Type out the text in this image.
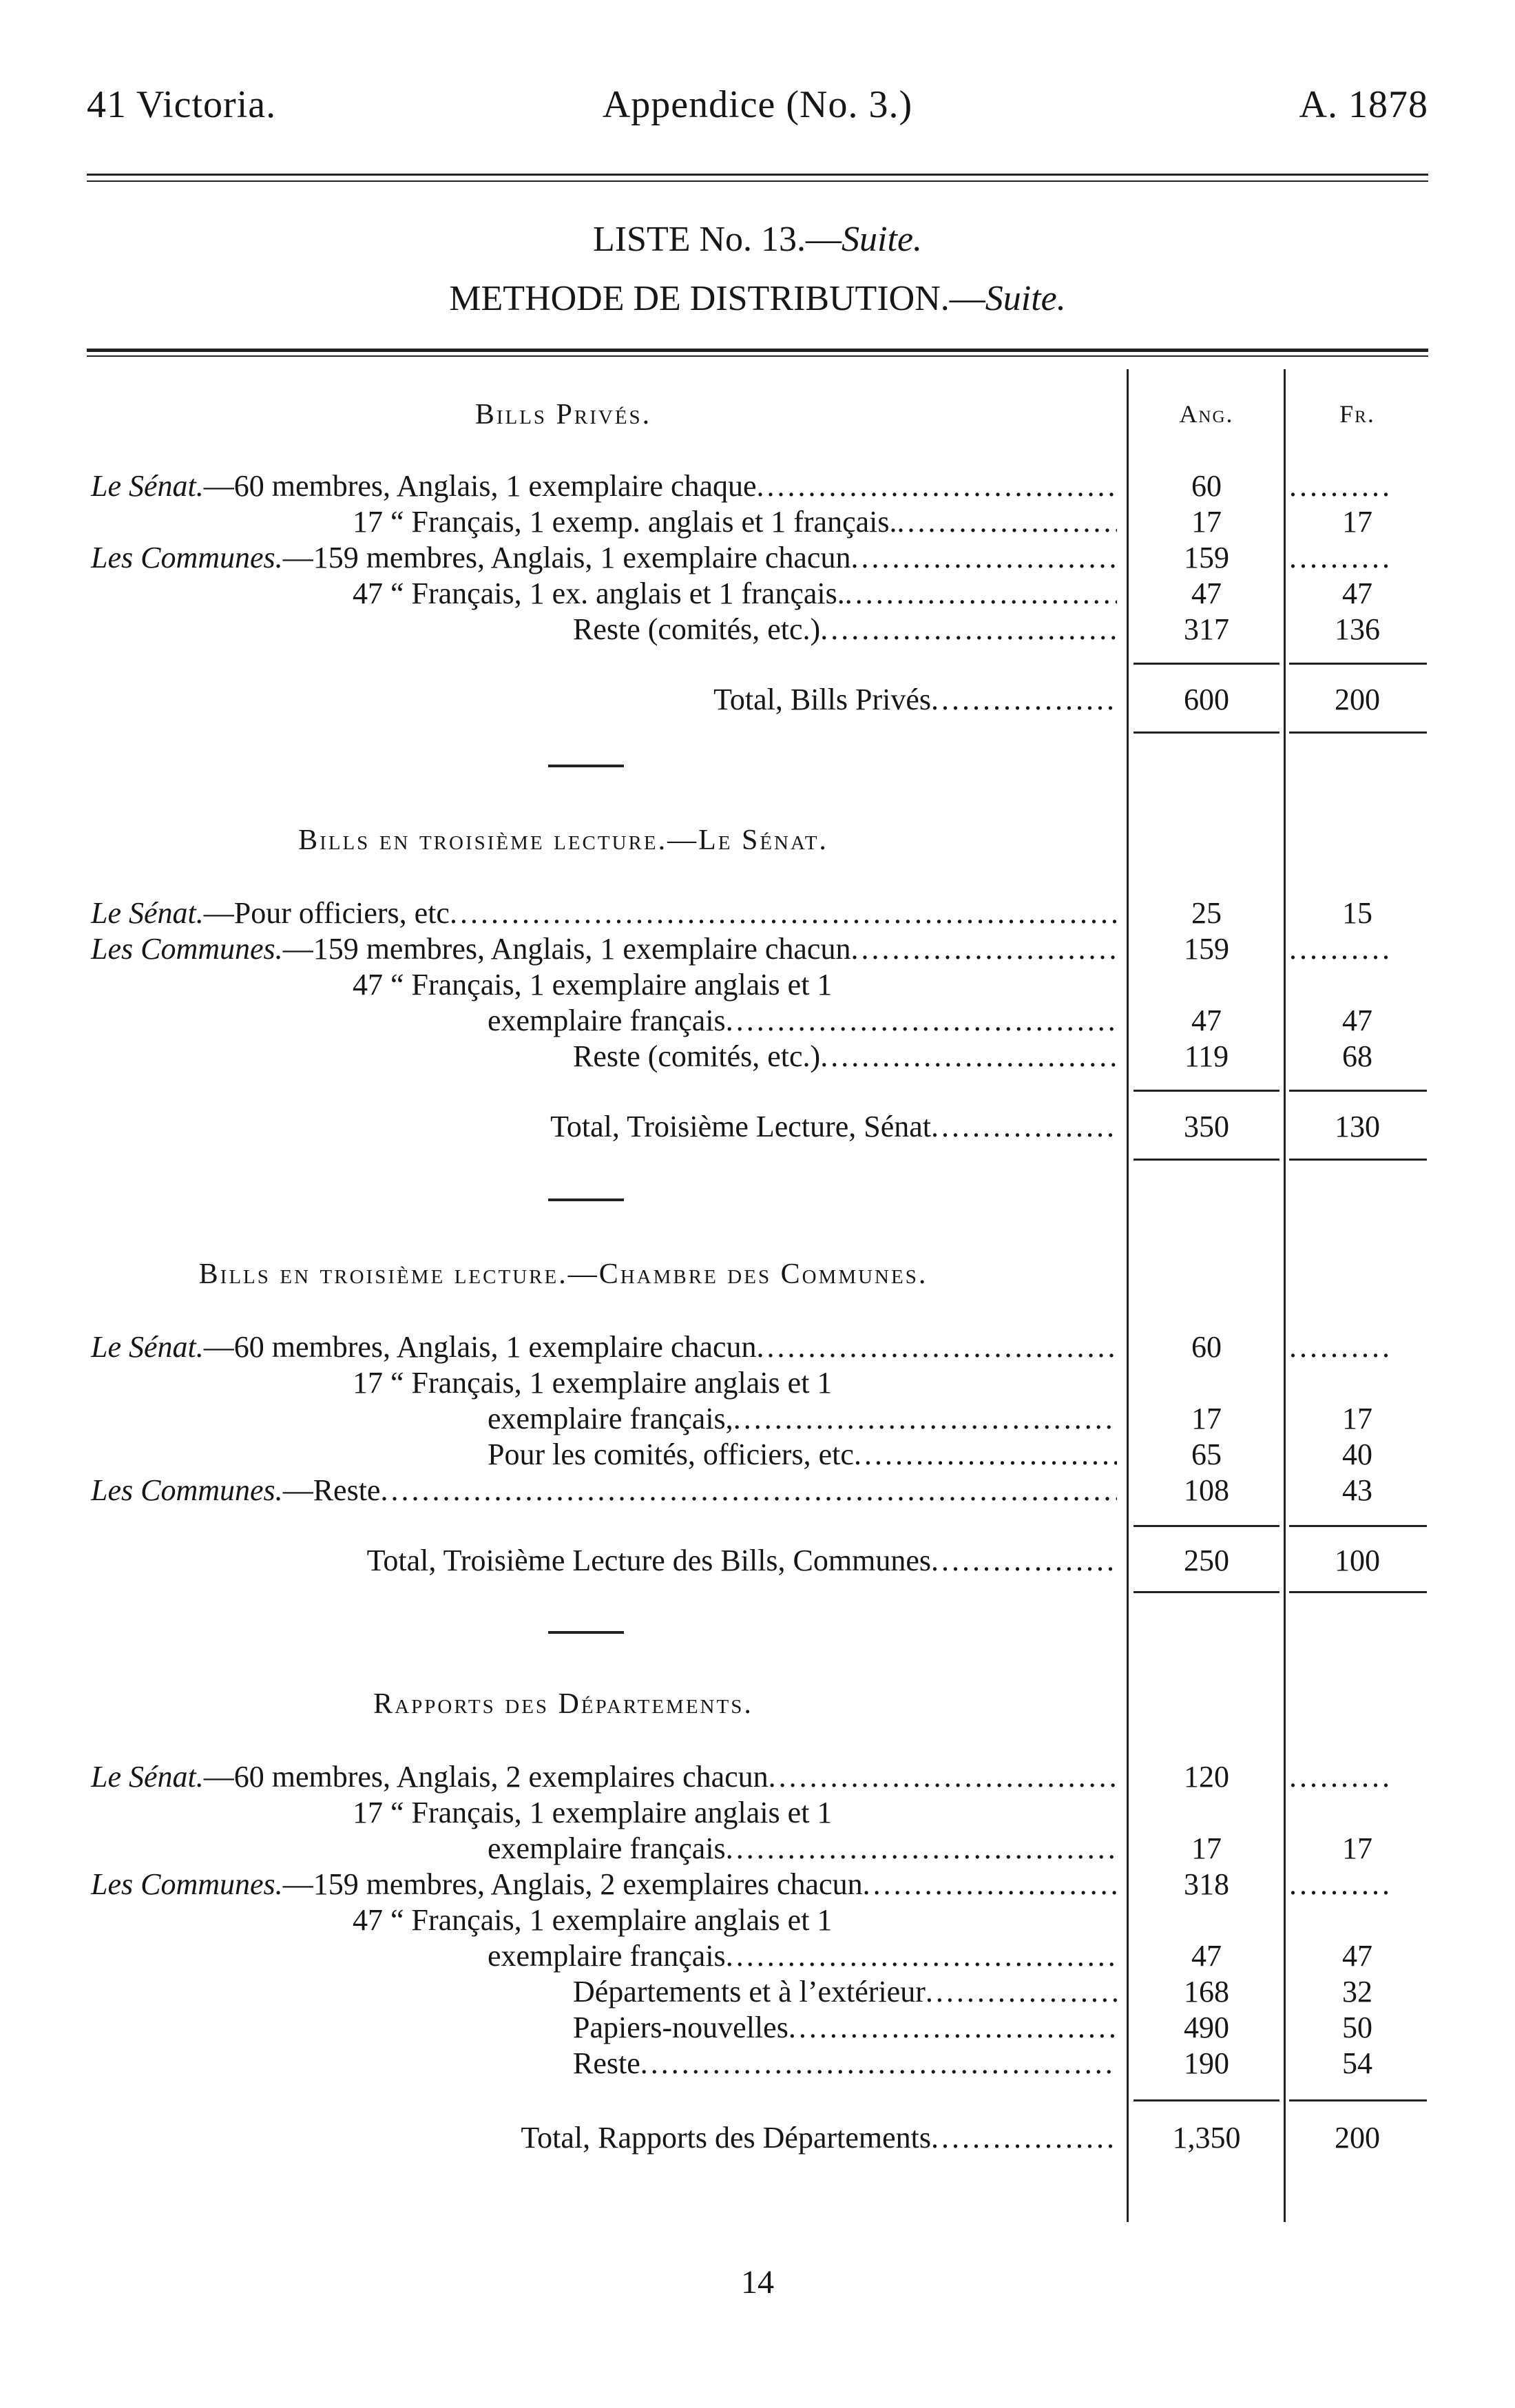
41 Victoria.	Appendice (No. 3.)	A. 1878
LISTE No. 13.—Suite.
METHODE DE DISTRIBUTION.—Suite.
Ang.	Fr.
Bills Privés.
Le Sénat.—60 membres, Anglais, 1 exemplaire chaque .....	60	..........
17 “ Français, 1 exemp. anglais et 1 français. .....	17	17
Les Communes.—159 membres, Anglais, 1 exemplaire chacun .....	159	..........
47 “ Français, 1 ex. anglais et 1 français. .....	47	47
Reste (comités, etc.) .....	317	136
Total, Bills Privés ..................	600	200
Bills en troisième lecture.—Le Sénat.
Le Sénat.—Pour officiers, etc .....	25	15
Les Communes.—159 membres, Anglais, 1 exemplaire chacun .....	159	..........
47 “ Français, 1 exemplaire anglais et 1
exemplaire français .....	47	47
Reste (comités, etc.) .....	119	68
Total, Troisième Lecture, Sénat ..................	350	130
Bills en troisième lecture.—Chambre des Communes.
Le Sénat.—60 membres, Anglais, 1 exemplaire chacun .....	60	..........
17 “ Français, 1 exemplaire anglais et 1
exemplaire français, .....	17	17
Pour les comités, officiers, etc .....	65	40
Les Communes.—Reste .....	108	43
Total, Troisième Lecture des Bills, Communes ..................	250	100
Rapports des Départements.
Le Sénat.—60 membres, Anglais, 2 exemplaires chacun .....	120	..........
17 “ Français, 1 exemplaire anglais et 1
exemplaire français .....	17	17
Les Communes.—159 membres, Anglais, 2 exemplaires chacun .....	318	..........
47 “ Français, 1 exemplaire anglais et 1
exemplaire français .....	47	47
Départements et à l’extérieur .....	168	32
Papiers-nouvelles .....	490	50
Reste .....	190	54
Total, Rapports des Départements ..................	1,350	200
14
